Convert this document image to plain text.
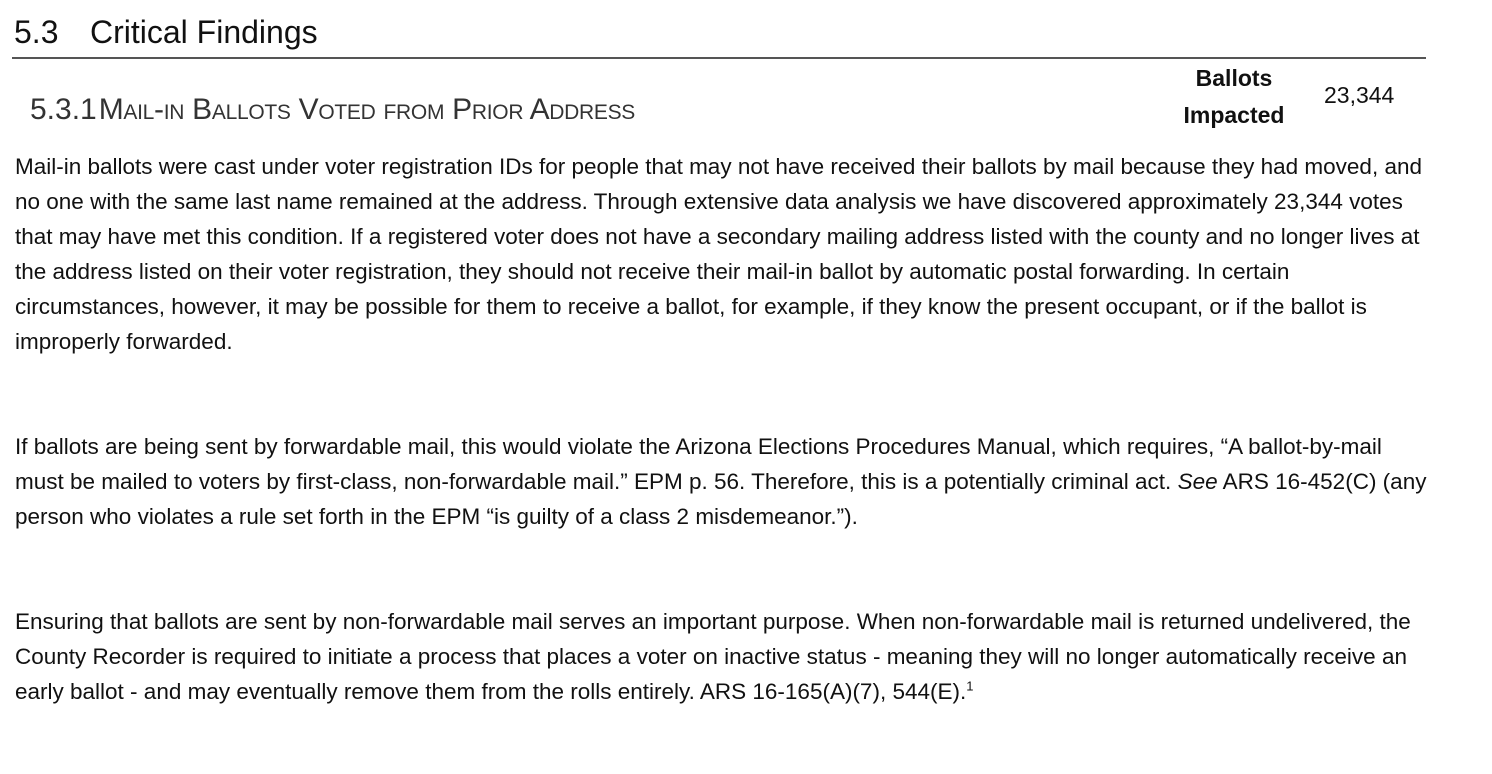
5.3 Critical Findings
5.3.1Mail-in Ballots Voted from Prior Address
Ballots Impacted
23,344

Mail-in ballots were cast under voter registration IDs for people that may not have received their ballots by mail because they had moved, and no one with the same last name remained at the address. Through extensive data analysis we have discovered approximately 23,344 votes that may have met this condition. If a registered voter does not have a secondary mailing address listed with the county and no longer lives at the address listed on their voter registration, they should not receive their mail-in ballot by automatic postal forwarding. In certain circumstances, however, it may be possible for them to receive a ballot, for example, if they know the present occupant, or if the ballot is improperly forwarded.

If ballots are being sent by forwardable mail, this would violate the Arizona Elections Procedures Manual, which requires, “A ballot-by-mail must be mailed to voters by first-class, non-forwardable mail.” EPM p. 56. Therefore, this is a potentially criminal act. See ARS 16-452(C) (any person who violates a rule set forth in the EPM “is guilty of a class 2 misdemeanor.”).

Ensuring that ballots are sent by non-forwardable mail serves an important purpose. When non-forwardable mail is returned undelivered, the County Recorder is required to initiate a process that places a voter on inactive status - meaning they will no longer automatically receive an early ballot - and may eventually remove them from the rolls entirely. ARS 16-165(A)(7), 544(E).$^1$
